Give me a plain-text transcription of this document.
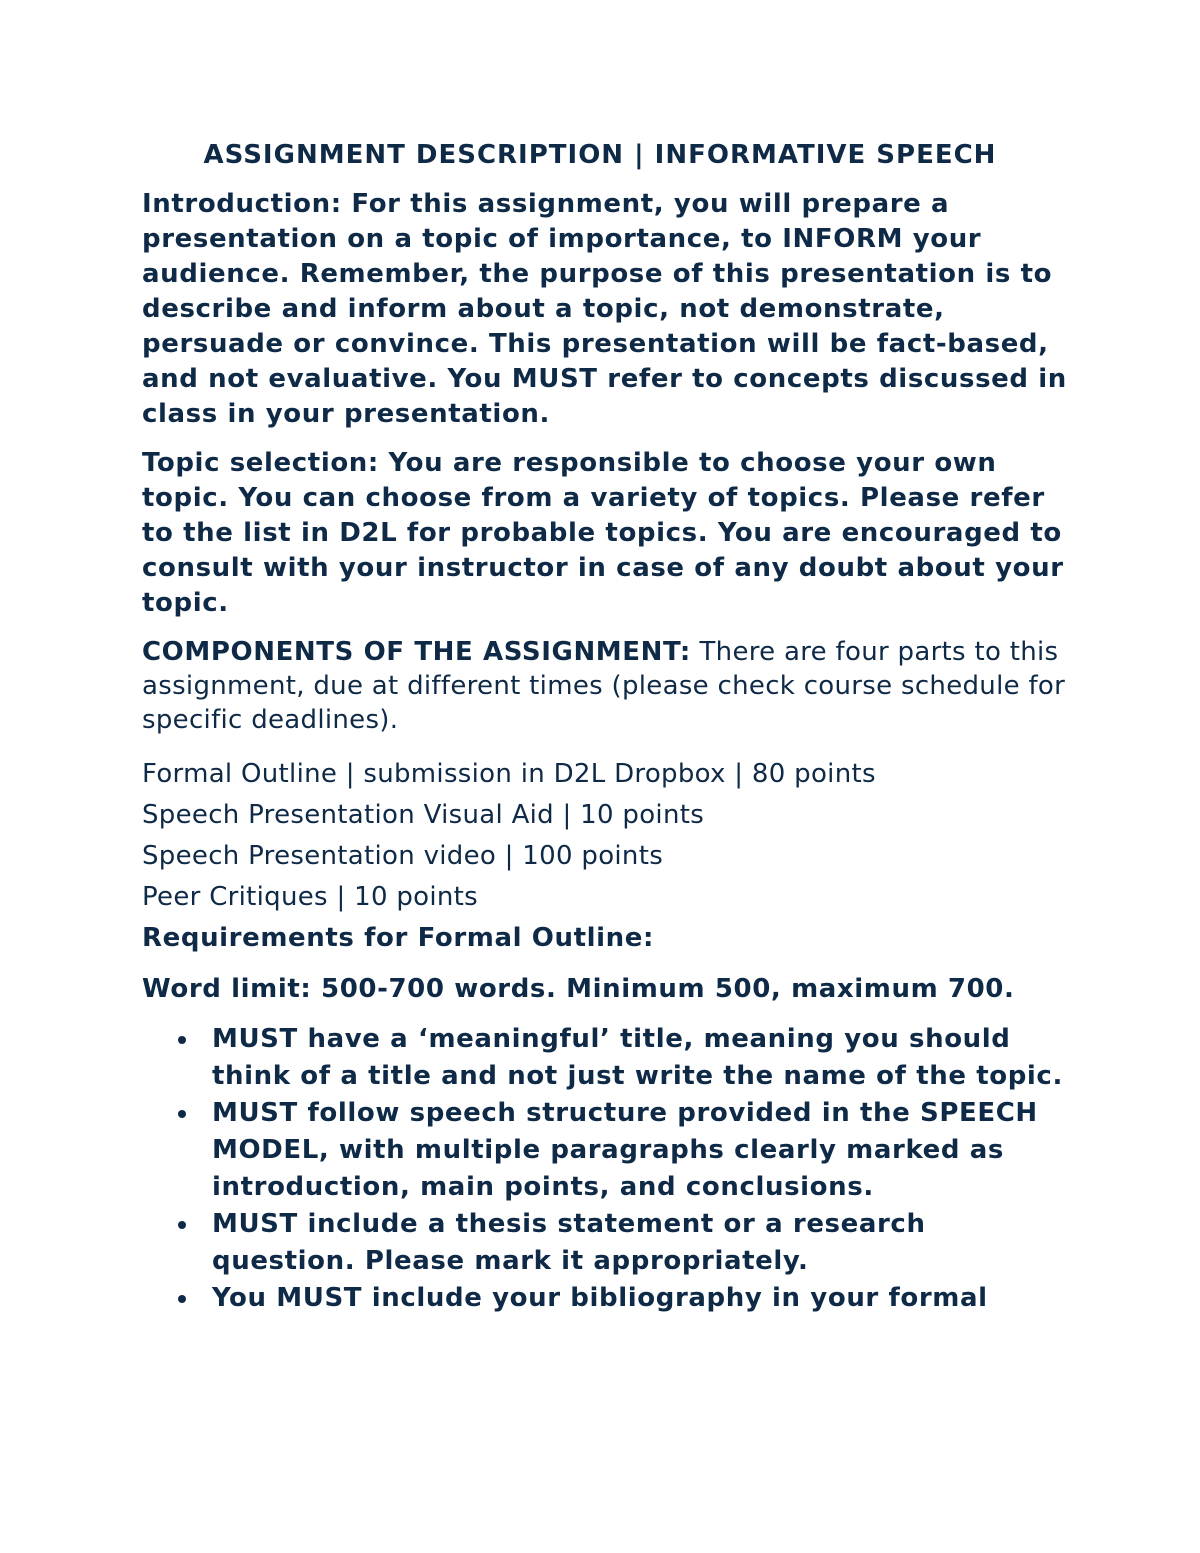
ASSIGNMENT DESCRIPTION | INFORMATIVE SPEECH

Introduction: For this assignment, you will prepare a presentation on a topic of importance, to INFORM your audience. Remember, the purpose of this presentation is to describe and inform about a topic, not demonstrate, persuade or convince. This presentation will be fact-based, and not evaluative. You MUST refer to concepts discussed in class in your presentation.

Topic selection: You are responsible to choose your own topic. You can choose from a variety of topics. Please refer to the list in D2L for probable topics. You are encouraged to consult with your instructor in case of any doubt about your topic.

COMPONENTS OF THE ASSIGNMENT: There are four parts to this assignment, due at different times (please check course schedule for specific deadlines).

Formal Outline | submission in D2L Dropbox | 80 points
Speech Presentation Visual Aid | 10 points
Speech Presentation video | 100 points
Peer Critiques | 10 points
Requirements for Formal Outline:
Word limit: 500-700 words. Minimum 500, maximum 700.
MUST have a ‘meaningful’ title, meaning you should think of a title and not just write the name of the topic.
MUST follow speech structure provided in the SPEECH MODEL, with multiple paragraphs clearly marked as introduction, main points, and conclusions.
MUST include a thesis statement or a research question. Please mark it appropriately.
You MUST include your bibliography in your formal
